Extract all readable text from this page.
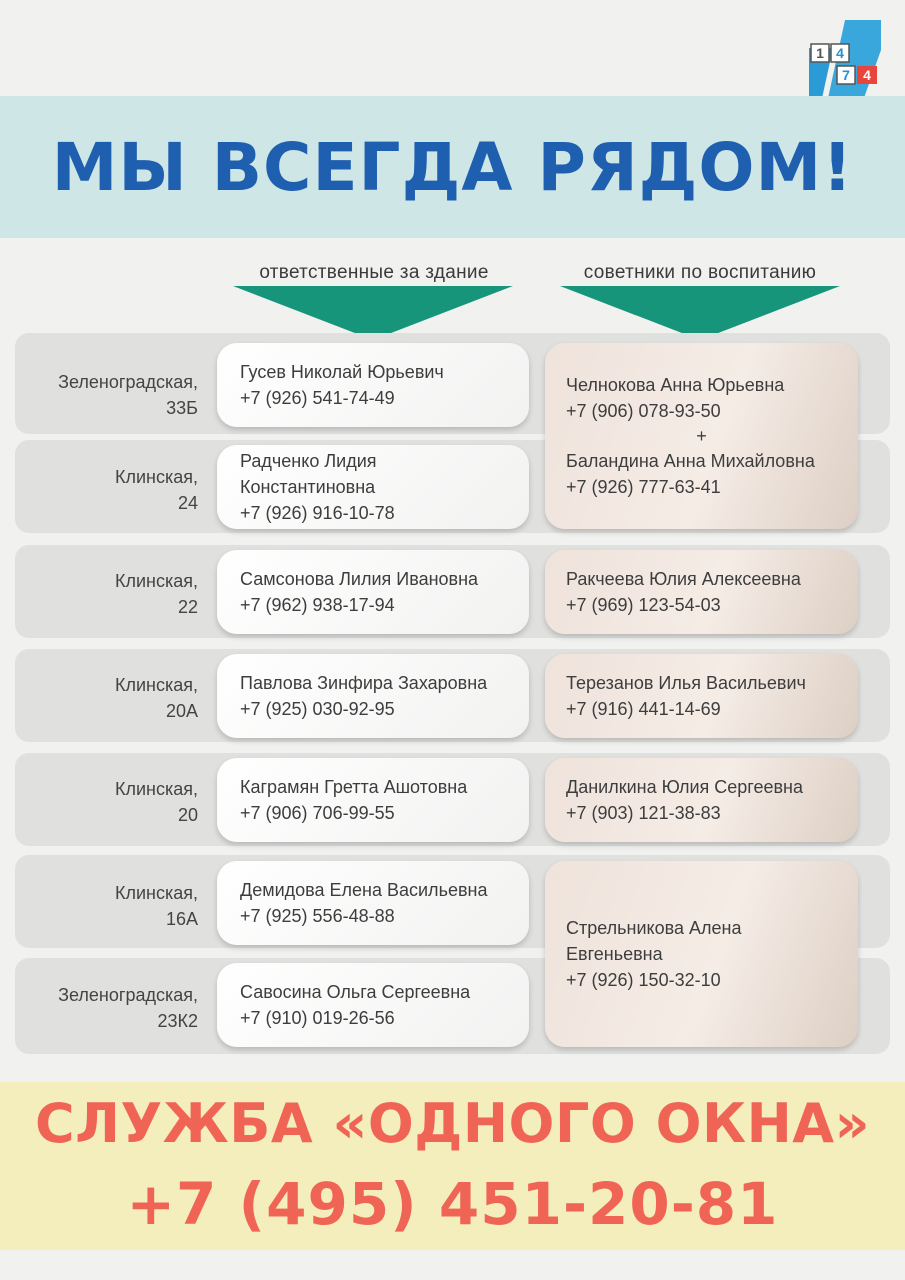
1 4
7 4
МЫ ВСЕГДА РЯДОМ!
ответственные за здание	советники по воспитанию
Зеленоградская,
33Б
Клинская,
24
Клинская,
22
Клинская,
20А
Клинская,
20
Клинская,
16А
Зеленоградская,
23К2
Гусев Николай Юрьевич
+7 (926) 541-74-49
Радченко Лидия
Константиновна
+7 (926) 916-10-78
Самсонова Лилия Ивановна
+7 (962) 938-17-94
Павлова Зинфира Захаровна
+7 (925) 030-92-95
Каграмян Гретта Ашотовна
+7 (906) 706-99-55
Демидова Елена Васильевна
+7 (925) 556-48-88
Савосина Ольга Сергеевна
+7 (910) 019-26-56
Челнокова Анна Юрьевна
+7 (906) 078-93-50
+
Баландина Анна Михайловна
+7 (926) 777-63-41
Ракчеева Юлия Алексеевна
+7 (969) 123-54-03
Терезанов Илья Васильевич
+7 (916) 441-14-69
Данилкина Юлия Сергеевна
+7 (903) 121-38-83
Стрельникова Алена
Евгеньевна
+7 (926) 150-32-10
СЛУЖБА «ОДНОГО ОКНА»
+7 (495) 451-20-81
